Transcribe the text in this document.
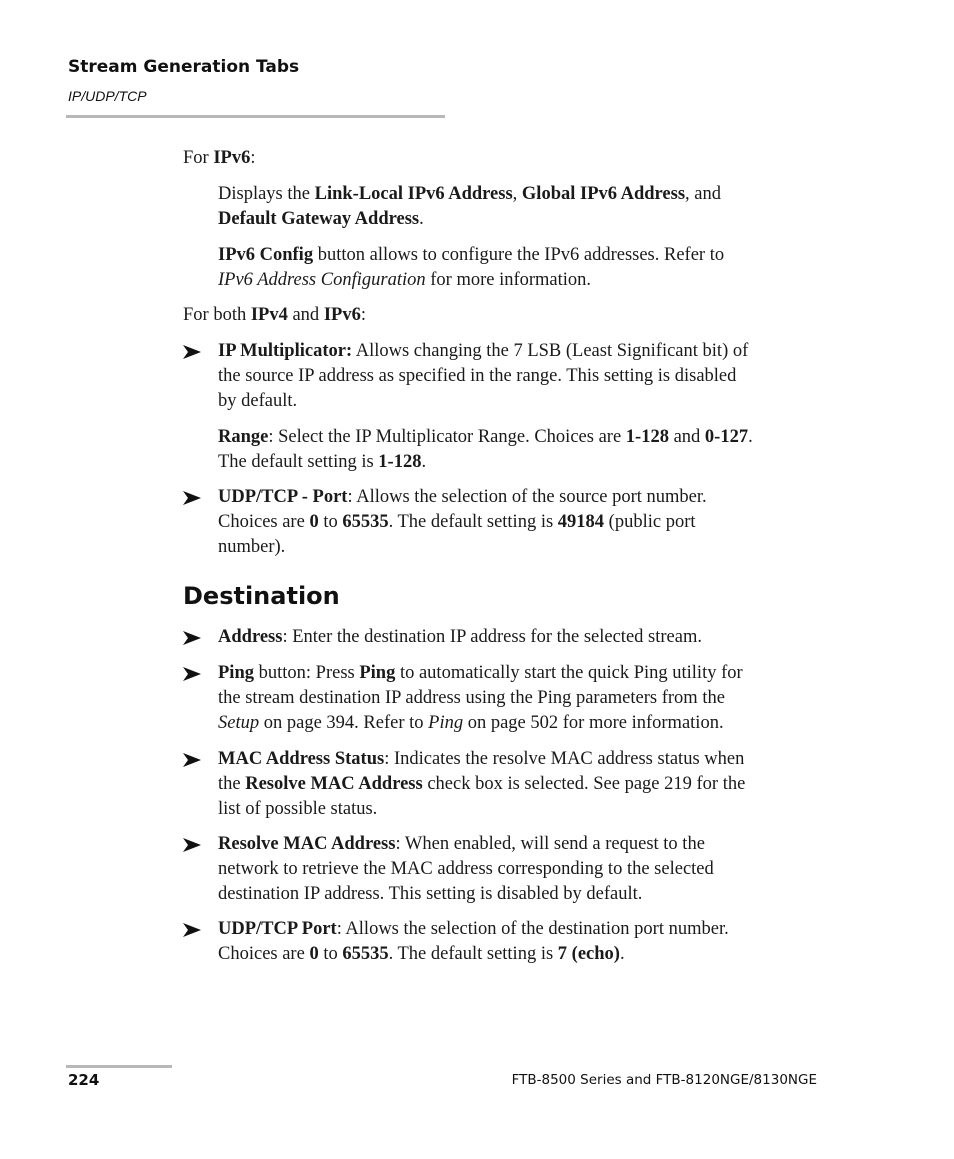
Stream Generation Tabs
IP/UDP/TCP
For IPv6:
Displays the Link-Local IPv6 Address, Global IPv6 Address, and
Default Gateway Address.
IPv6 Config button allows to configure the IPv6 addresses. Refer to
IPv6 Address Configuration for more information.
For both IPv4 and IPv6:
IP Multiplicator: Allows changing the 7 LSB (Least Significant bit) of
the source IP address as specified in the range. This setting is disabled
by default.
Range: Select the IP Multiplicator Range. Choices are 1-128 and 0-127.
The default setting is 1-128.
UDP/TCP - Port: Allows the selection of the source port number.
Choices are 0 to 65535. The default setting is 49184 (public port
number).
Destination
Address: Enter the destination IP address for the selected stream.
Ping button: Press Ping to automatically start the quick Ping utility for
the stream destination IP address using the Ping parameters from the
Setup on page 394. Refer to Ping on page 502 for more information.
MAC Address Status: Indicates the resolve MAC address status when
the Resolve MAC Address check box is selected. See page 219 for the
list of possible status.
Resolve MAC Address: When enabled, will send a request to the
network to retrieve the MAC address corresponding to the selected
destination IP address. This setting is disabled by default.
UDP/TCP Port: Allows the selection of the destination port number.
Choices are 0 to 65535. The default setting is 7 (echo).
224	FTB-8500 Series and FTB-8120NGE/8130NGE
